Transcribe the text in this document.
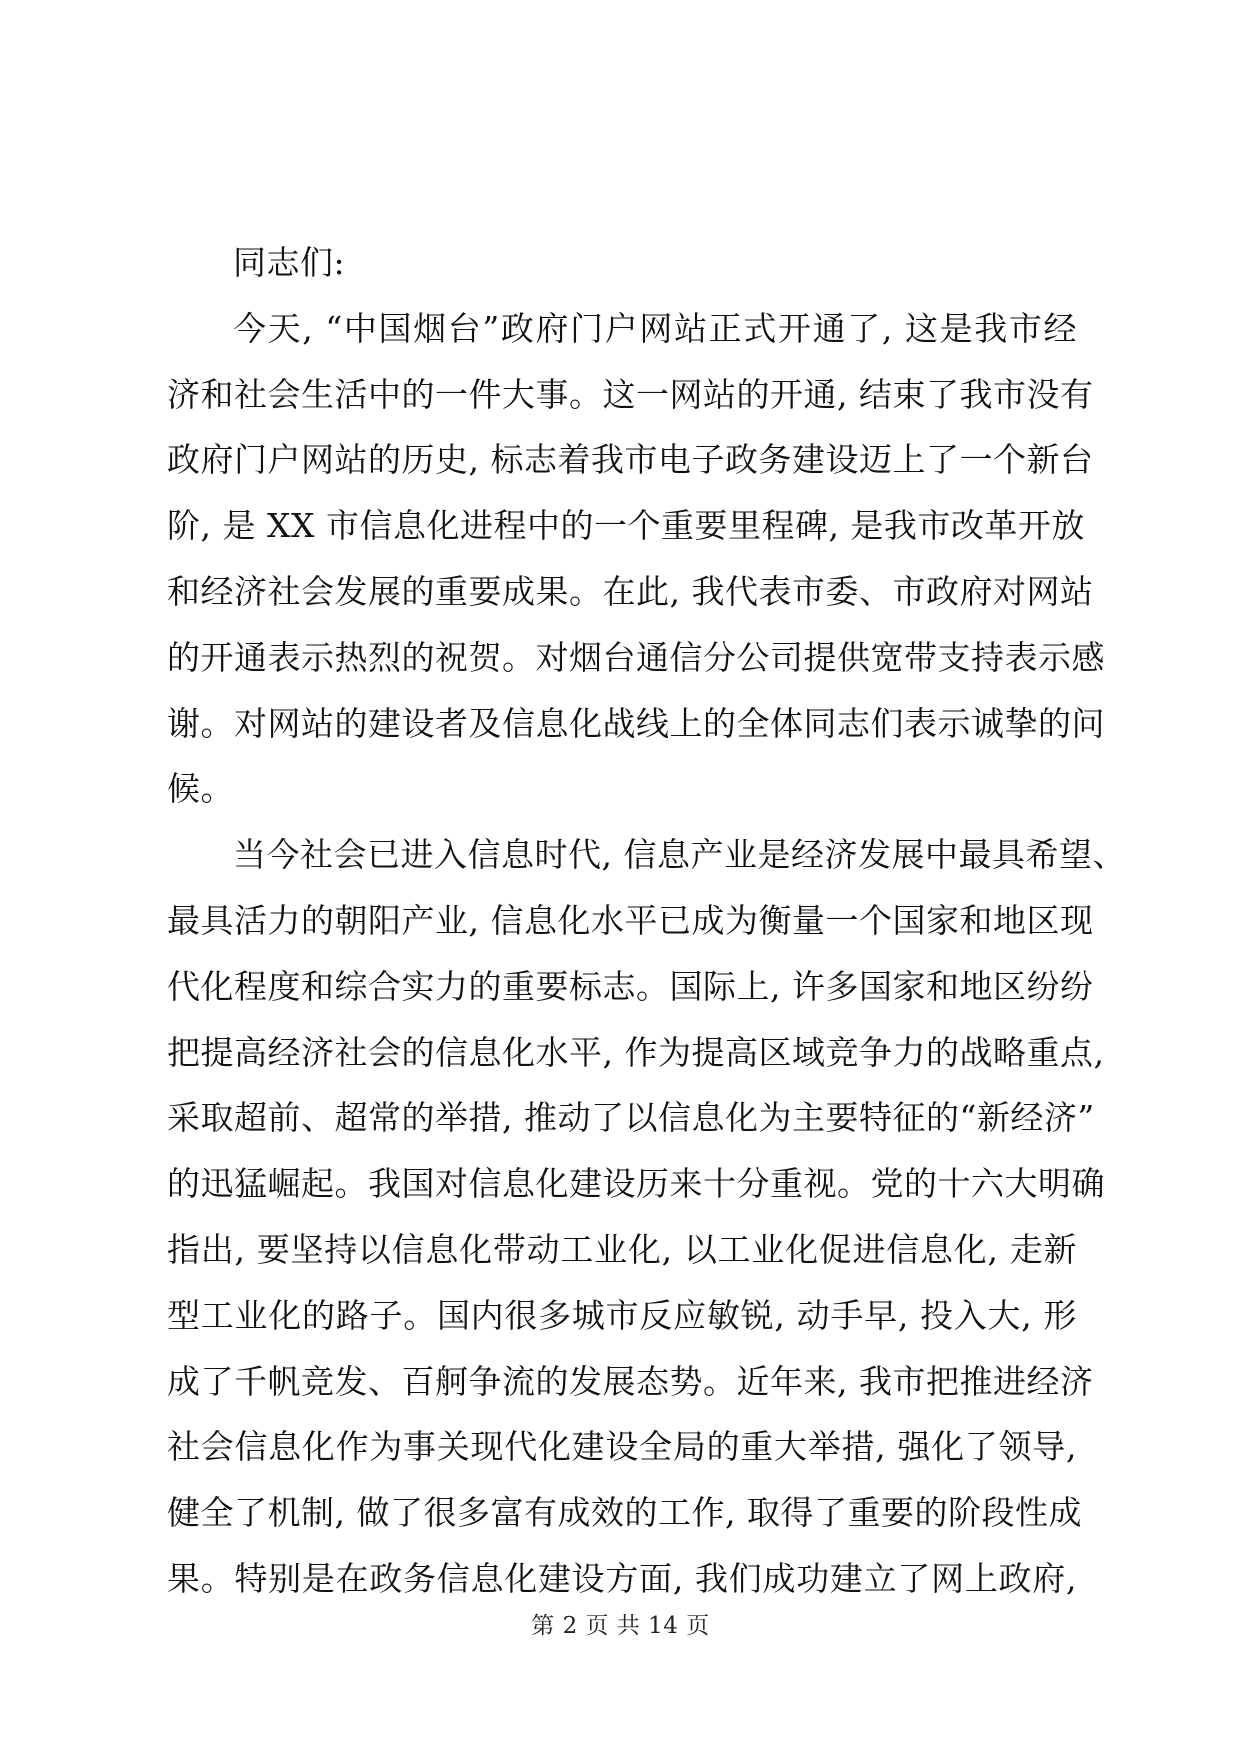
同志们:
今天, “中国烟台”政府门户网站正式开通了, 这是我市经
济和社会生活中的一件大事。这一网站的开通, 结束了我市没有
政府门户网站的历史, 标志着我市电子政务建设迈上了一个新台
阶, 是 XX 市信息化进程中的一个重要里程碑, 是我市改革开放
和经济社会发展的重要成果。在此, 我代表市委、市政府对网站
的开通表示热烈的祝贺。对烟台通信分公司提供宽带支持表示感
谢。对网站的建设者及信息化战线上的全体同志们表示诚挚的问
候。
当今社会已进入信息时代, 信息产业是经济发展中最具希望、
最具活力的朝阳产业, 信息化水平已成为衡量一个国家和地区现
代化程度和综合实力的重要标志。国际上, 许多国家和地区纷纷
把提高经济社会的信息化水平, 作为提高区域竞争力的战略重点,
采取超前、超常的举措, 推动了以信息化为主要特征的“新经济”
的迅猛崛起。我国对信息化建设历来十分重视。党的十六大明确
指出, 要坚持以信息化带动工业化, 以工业化促进信息化, 走新
型工业化的路子。国内很多城市反应敏锐, 动手早, 投入大, 形
成了千帆竞发、百舸争流的发展态势。近年来, 我市把推进经济
社会信息化作为事关现代化建设全局的重大举措, 强化了领导,
健全了机制, 做了很多富有成效的工作, 取得了重要的阶段性成
果。特别是在政务信息化建设方面, 我们成功建立了网上政府,
第 2 页 共 14 页
